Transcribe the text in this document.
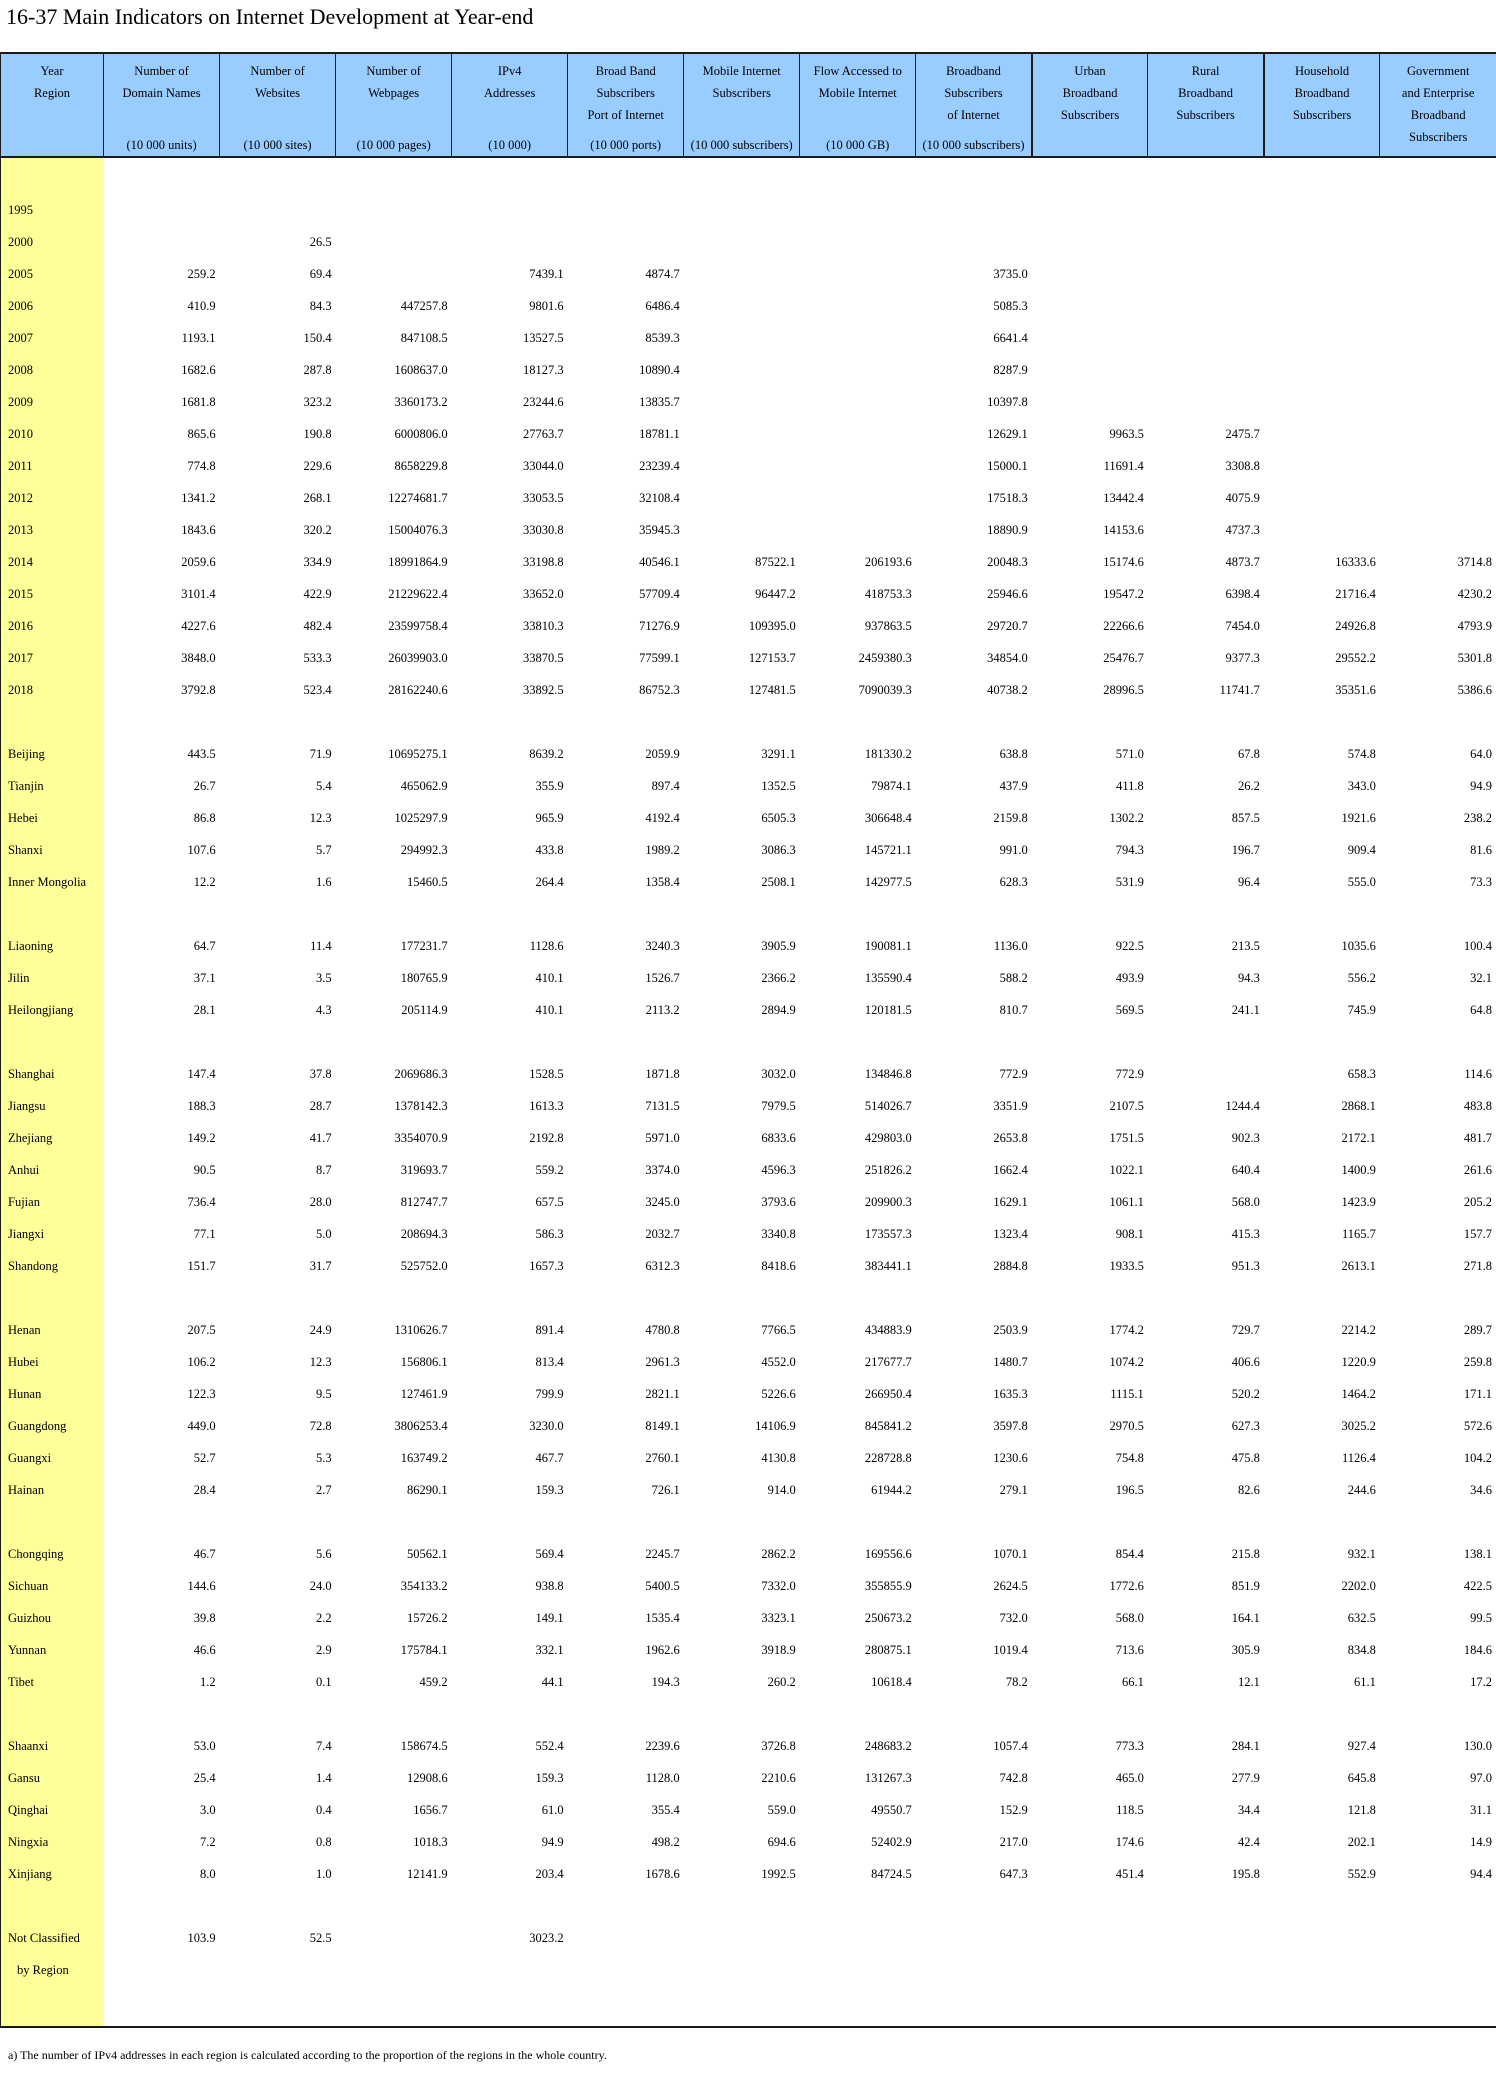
16-37 Main Indicators on Internet Development at Year-end
Year
Region	Number of
Domain Names
(10 000 units)	Number of
Websites
(10 000 sites)	Number of
Webpages
(10 000 pages)	IPv4
Addresses
(10 000)	Broad Band
Subscribers
Port of Internet
(10 000 ports)	Mobile Internet
Subscribers
(10 000 subscribers)	Flow Accessed to
Mobile Internet
(10 000 GB)	Broadband
Subscribers
of Internet
(10 000 subscribers)	Urban
Broadband
Subscribers	Rural
Broadband
Subscribers	Household
Broadband
Subscribers	Government
and Enterprise
Broadband
Subscribers

1995												
2000		26.5										
2005	259.2	69.4		7439.1	4874.7			3735.0				
2006	410.9	84.3	447257.8	9801.6	6486.4			5085.3				
2007	1193.1	150.4	847108.5	13527.5	8539.3			6641.4				
2008	1682.6	287.8	1608637.0	18127.3	10890.4			8287.9				
2009	1681.8	323.2	3360173.2	23244.6	13835.7			10397.8				
2010	865.6	190.8	6000806.0	27763.7	18781.1			12629.1	9963.5	2475.7		
2011	774.8	229.6	8658229.8	33044.0	23239.4			15000.1	11691.4	3308.8		
2012	1341.2	268.1	12274681.7	33053.5	32108.4			17518.3	13442.4	4075.9		
2013	1843.6	320.2	15004076.3	33030.8	35945.3			18890.9	14153.6	4737.3		
2014	2059.6	334.9	18991864.9	33198.8	40546.1	87522.1	206193.6	20048.3	15174.6	4873.7	16333.6	3714.8
2015	3101.4	422.9	21229622.4	33652.0	57709.4	96447.2	418753.3	25946.6	19547.2	6398.4	21716.4	4230.2
2016	4227.6	482.4	23599758.4	33810.3	71276.9	109395.0	937863.5	29720.7	22266.6	7454.0	24926.8	4793.9
2017	3848.0	533.3	26039903.0	33870.5	77599.1	127153.7	2459380.3	34854.0	25476.7	9377.3	29552.2	5301.8
2018	3792.8	523.4	28162240.6	33892.5	86752.3	127481.5	7090039.3	40738.2	28996.5	11741.7	35351.6	5386.6

Beijing	443.5	71.9	10695275.1	8639.2	2059.9	3291.1	181330.2	638.8	571.0	67.8	574.8	64.0
Tianjin	26.7	5.4	465062.9	355.9	897.4	1352.5	79874.1	437.9	411.8	26.2	343.0	94.9
Hebei	86.8	12.3	1025297.9	965.9	4192.4	6505.3	306648.4	2159.8	1302.2	857.5	1921.6	238.2
Shanxi	107.6	5.7	294992.3	433.8	1989.2	3086.3	145721.1	991.0	794.3	196.7	909.4	81.6
Inner Mongolia	12.2	1.6	15460.5	264.4	1358.4	2508.1	142977.5	628.3	531.9	96.4	555.0	73.3

Liaoning	64.7	11.4	177231.7	1128.6	3240.3	3905.9	190081.1	1136.0	922.5	213.5	1035.6	100.4
Jilin	37.1	3.5	180765.9	410.1	1526.7	2366.2	135590.4	588.2	493.9	94.3	556.2	32.1
Heilongjiang	28.1	4.3	205114.9	410.1	2113.2	2894.9	120181.5	810.7	569.5	241.1	745.9	64.8

Shanghai	147.4	37.8	2069686.3	1528.5	1871.8	3032.0	134846.8	772.9	772.9		658.3	114.6
Jiangsu	188.3	28.7	1378142.3	1613.3	7131.5	7979.5	514026.7	3351.9	2107.5	1244.4	2868.1	483.8
Zhejiang	149.2	41.7	3354070.9	2192.8	5971.0	6833.6	429803.0	2653.8	1751.5	902.3	2172.1	481.7
Anhui	90.5	8.7	319693.7	559.2	3374.0	4596.3	251826.2	1662.4	1022.1	640.4	1400.9	261.6
Fujian	736.4	28.0	812747.7	657.5	3245.0	3793.6	209900.3	1629.1	1061.1	568.0	1423.9	205.2
Jiangxi	77.1	5.0	208694.3	586.3	2032.7	3340.8	173557.3	1323.4	908.1	415.3	1165.7	157.7
Shandong	151.7	31.7	525752.0	1657.3	6312.3	8418.6	383441.1	2884.8	1933.5	951.3	2613.1	271.8

Henan	207.5	24.9	1310626.7	891.4	4780.8	7766.5	434883.9	2503.9	1774.2	729.7	2214.2	289.7
Hubei	106.2	12.3	156806.1	813.4	2961.3	4552.0	217677.7	1480.7	1074.2	406.6	1220.9	259.8
Hunan	122.3	9.5	127461.9	799.9	2821.1	5226.6	266950.4	1635.3	1115.1	520.2	1464.2	171.1
Guangdong	449.0	72.8	3806253.4	3230.0	8149.1	14106.9	845841.2	3597.8	2970.5	627.3	3025.2	572.6
Guangxi	52.7	5.3	163749.2	467.7	2760.1	4130.8	228728.8	1230.6	754.8	475.8	1126.4	104.2
Hainan	28.4	2.7	86290.1	159.3	726.1	914.0	61944.2	279.1	196.5	82.6	244.6	34.6

Chongqing	46.7	5.6	50562.1	569.4	2245.7	2862.2	169556.6	1070.1	854.4	215.8	932.1	138.1
Sichuan	144.6	24.0	354133.2	938.8	5400.5	7332.0	355855.9	2624.5	1772.6	851.9	2202.0	422.5
Guizhou	39.8	2.2	15726.2	149.1	1535.4	3323.1	250673.2	732.0	568.0	164.1	632.5	99.5
Yunnan	46.6	2.9	175784.1	332.1	1962.6	3918.9	280875.1	1019.4	713.6	305.9	834.8	184.6
Tibet	1.2	0.1	459.2	44.1	194.3	260.2	10618.4	78.2	66.1	12.1	61.1	17.2

Shaanxi	53.0	7.4	158674.5	552.4	2239.6	3726.8	248683.2	1057.4	773.3	284.1	927.4	130.0
Gansu	25.4	1.4	12908.6	159.3	1128.0	2210.6	131267.3	742.8	465.0	277.9	645.8	97.0
Qinghai	3.0	0.4	1656.7	61.0	355.4	559.0	49550.7	152.9	118.5	34.4	121.8	31.1
Ningxia	7.2	0.8	1018.3	94.9	498.2	694.6	52402.9	217.0	174.6	42.4	202.1	14.9
Xinjiang	8.0	1.0	12141.9	203.4	1678.6	1992.5	84724.5	647.3	451.4	195.8	552.9	94.4

Not Classified	103.9	52.5		3023.2								
by Region												

a) The number of IPv4 addresses in each region is calculated according to the proportion of the regions in the whole country.
